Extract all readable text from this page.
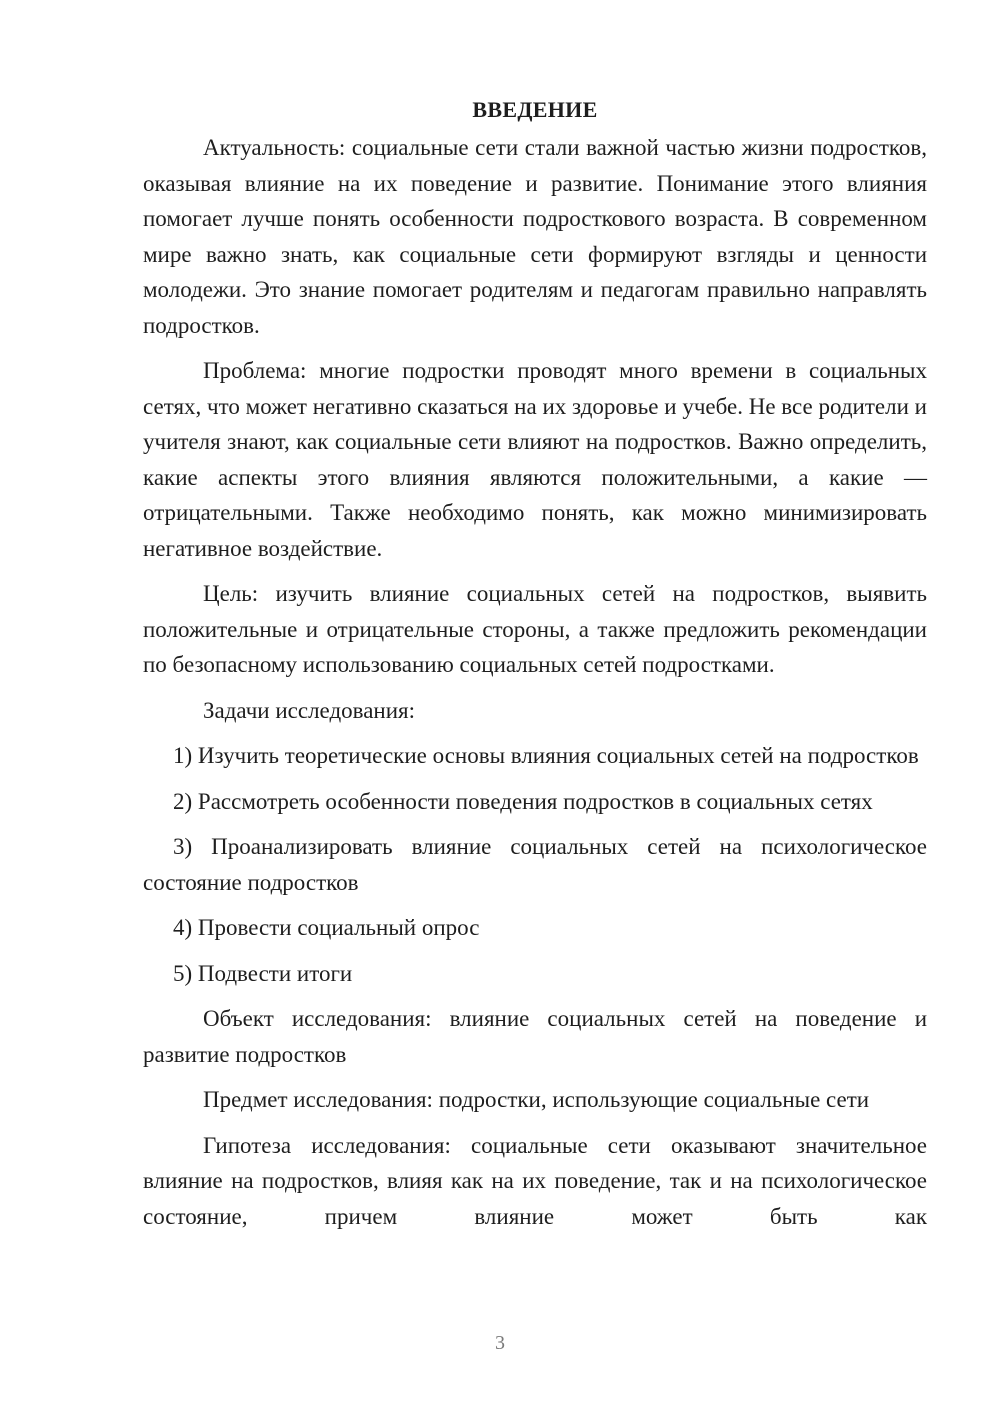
ВВЕДЕНИЕ
Актуальность: социальные сети стали важной частью жизни подростков, оказывая влияние на их поведение и развитие. Понимание этого влияния помогает лучше понять особенности подросткового возраста. В современном мире важно знать, как социальные сети формируют взгляды и ценности молодежи. Это знание помогает родителям и педагогам правильно направлять подростков.
Проблема: многие подростки проводят много времени в социальных сетях, что может негативно сказаться на их здоровье и учебе. Не все родители и учителя знают, как социальные сети влияют на подростков. Важно определить, какие аспекты этого влияния являются положительными, а какие — отрицательными. Также необходимо понять, как можно минимизировать негативное воздействие.
Цель: изучить влияние социальных сетей на подростков, выявить положительные и отрицательные стороны, а также предложить рекомендации по безопасному использованию социальных сетей подростками.
Задачи исследования:
1) Изучить теоретические основы влияния социальных сетей на подростков
2) Рассмотреть особенности поведения подростков в социальных сетях
3) Проанализировать влияние социальных сетей на психологическое состояние подростков
4) Провести социальный опрос
5) Подвести итоги
Объект исследования: влияние социальных сетей на поведение и развитие подростков
Предмет исследования: подростки, использующие социальные сети
Гипотеза исследования: социальные сети оказывают значительное влияние на подростков, влияя как на их поведение, так и на психологическое состояние, причем влияние может быть как
3
